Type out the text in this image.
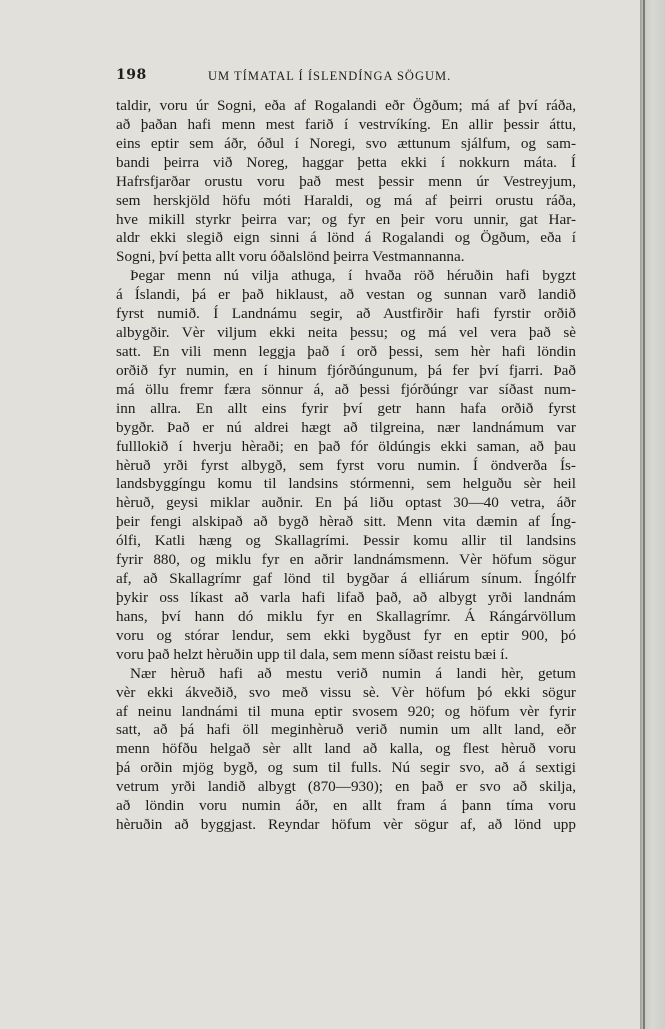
198	UM TÍMATAL Í ÍSLENDÍNGA SÖGUM.
taldir, voru úr Sogni, eða af Rogalandi eðr Ögðum; má af því ráða,
að þaðan hafi menn mest farið í vestrvíkíng. En allir þessir áttu,
eins eptir sem áðr, óðul í Noregi, svo ættunum sjálfum, og sam-
bandi þeirra við Noreg, haggar þetta ekki í nokkurn máta. Í
Hafrsfjarðar orustu voru það mest þessir menn úr Vestreyjum,
sem herskjöld höfu móti Haraldi, og má af þeirri orustu ráða,
hve mikill styrkr þeirra var; og fyr en þeir voru unnir, gat Har-
aldr ekki slegið eign sinni á lönd á Rogalandi og Ögðum, eða í
Sogni, því þetta allt voru óðalslönd þeirra Vestmannanna.
Þegar menn nú vilja athuga, í hvaða röð héruðin hafi bygzt
á Íslandi, þá er það hiklaust, að vestan og sunnan varð landið
fyrst numið. Í Landnámu segir, að Austfirðir hafi fyrstir orðið
albygðir. Vèr viljum ekki neita þessu; og má vel vera það sè
satt. En vili menn leggja það í orð þessi, sem hèr hafi löndin
orðið fyr numin, en í hinum fjórðúngunum, þá fer því fjarri. Það
má öllu fremr færa sönnur á, að þessi fjórðúngr var síðast num-
inn allra. En allt eins fyrir því getr hann hafa orðið fyrst
bygðr. Það er nú aldrei hægt að tilgreina, nær landnámum var
fulllokið í hverju hèraði; en það fór öldúngis ekki saman, að þau
hèruð yrði fyrst albygð, sem fyrst voru numin. Í öndverða Ís-
landsbyggíngu komu til landsins stórmenni, sem helguðu sèr heil
hèruð, geysi miklar auðnir. En þá liðu optast 30—40 vetra, áðr
þeir fengi alskipað að bygð hèrað sitt. Menn vita dæmin af Íng-
ólfi, Katli hæng og Skallagrími. Þessir komu allir til landsins
fyrir 880, og miklu fyr en aðrir landnámsmenn. Vèr höfum sögur
af, að Skallagrímr gaf lönd til bygðar á elliárum sínum. Íngólfr
þykir oss líkast að varla hafi lifað það, að albygt yrði landnám
hans, því hann dó miklu fyr en Skallagrímr. Á Rángárvöllum
voru og stórar lendur, sem ekki bygðust fyr en eptir 900, þó
voru það helzt hèruðin upp til dala, sem menn síðast reistu bæi í.
Nær hèruð hafi að mestu verið numin á landi hèr, getum
vèr ekki ákveðið, svo með vissu sè. Vèr höfum þó ekki sögur
af neinu landnámi til muna eptir svosem 920; og höfum vèr fyrir
satt, að þá hafi öll meginhèruð verið numin um allt land, eðr
menn höfðu helgað sèr allt land að kalla, og flest hèruð voru
þá orðin mjög bygð, og sum til fulls. Nú segir svo, að á sextigi
vetrum yrði landið albygt (870—930); en það er svo að skilja,
að löndin voru numin áðr, en allt fram á þann tíma voru
hèruðin að byggjast. Reyndar höfum vèr sögur af, að lönd upp
